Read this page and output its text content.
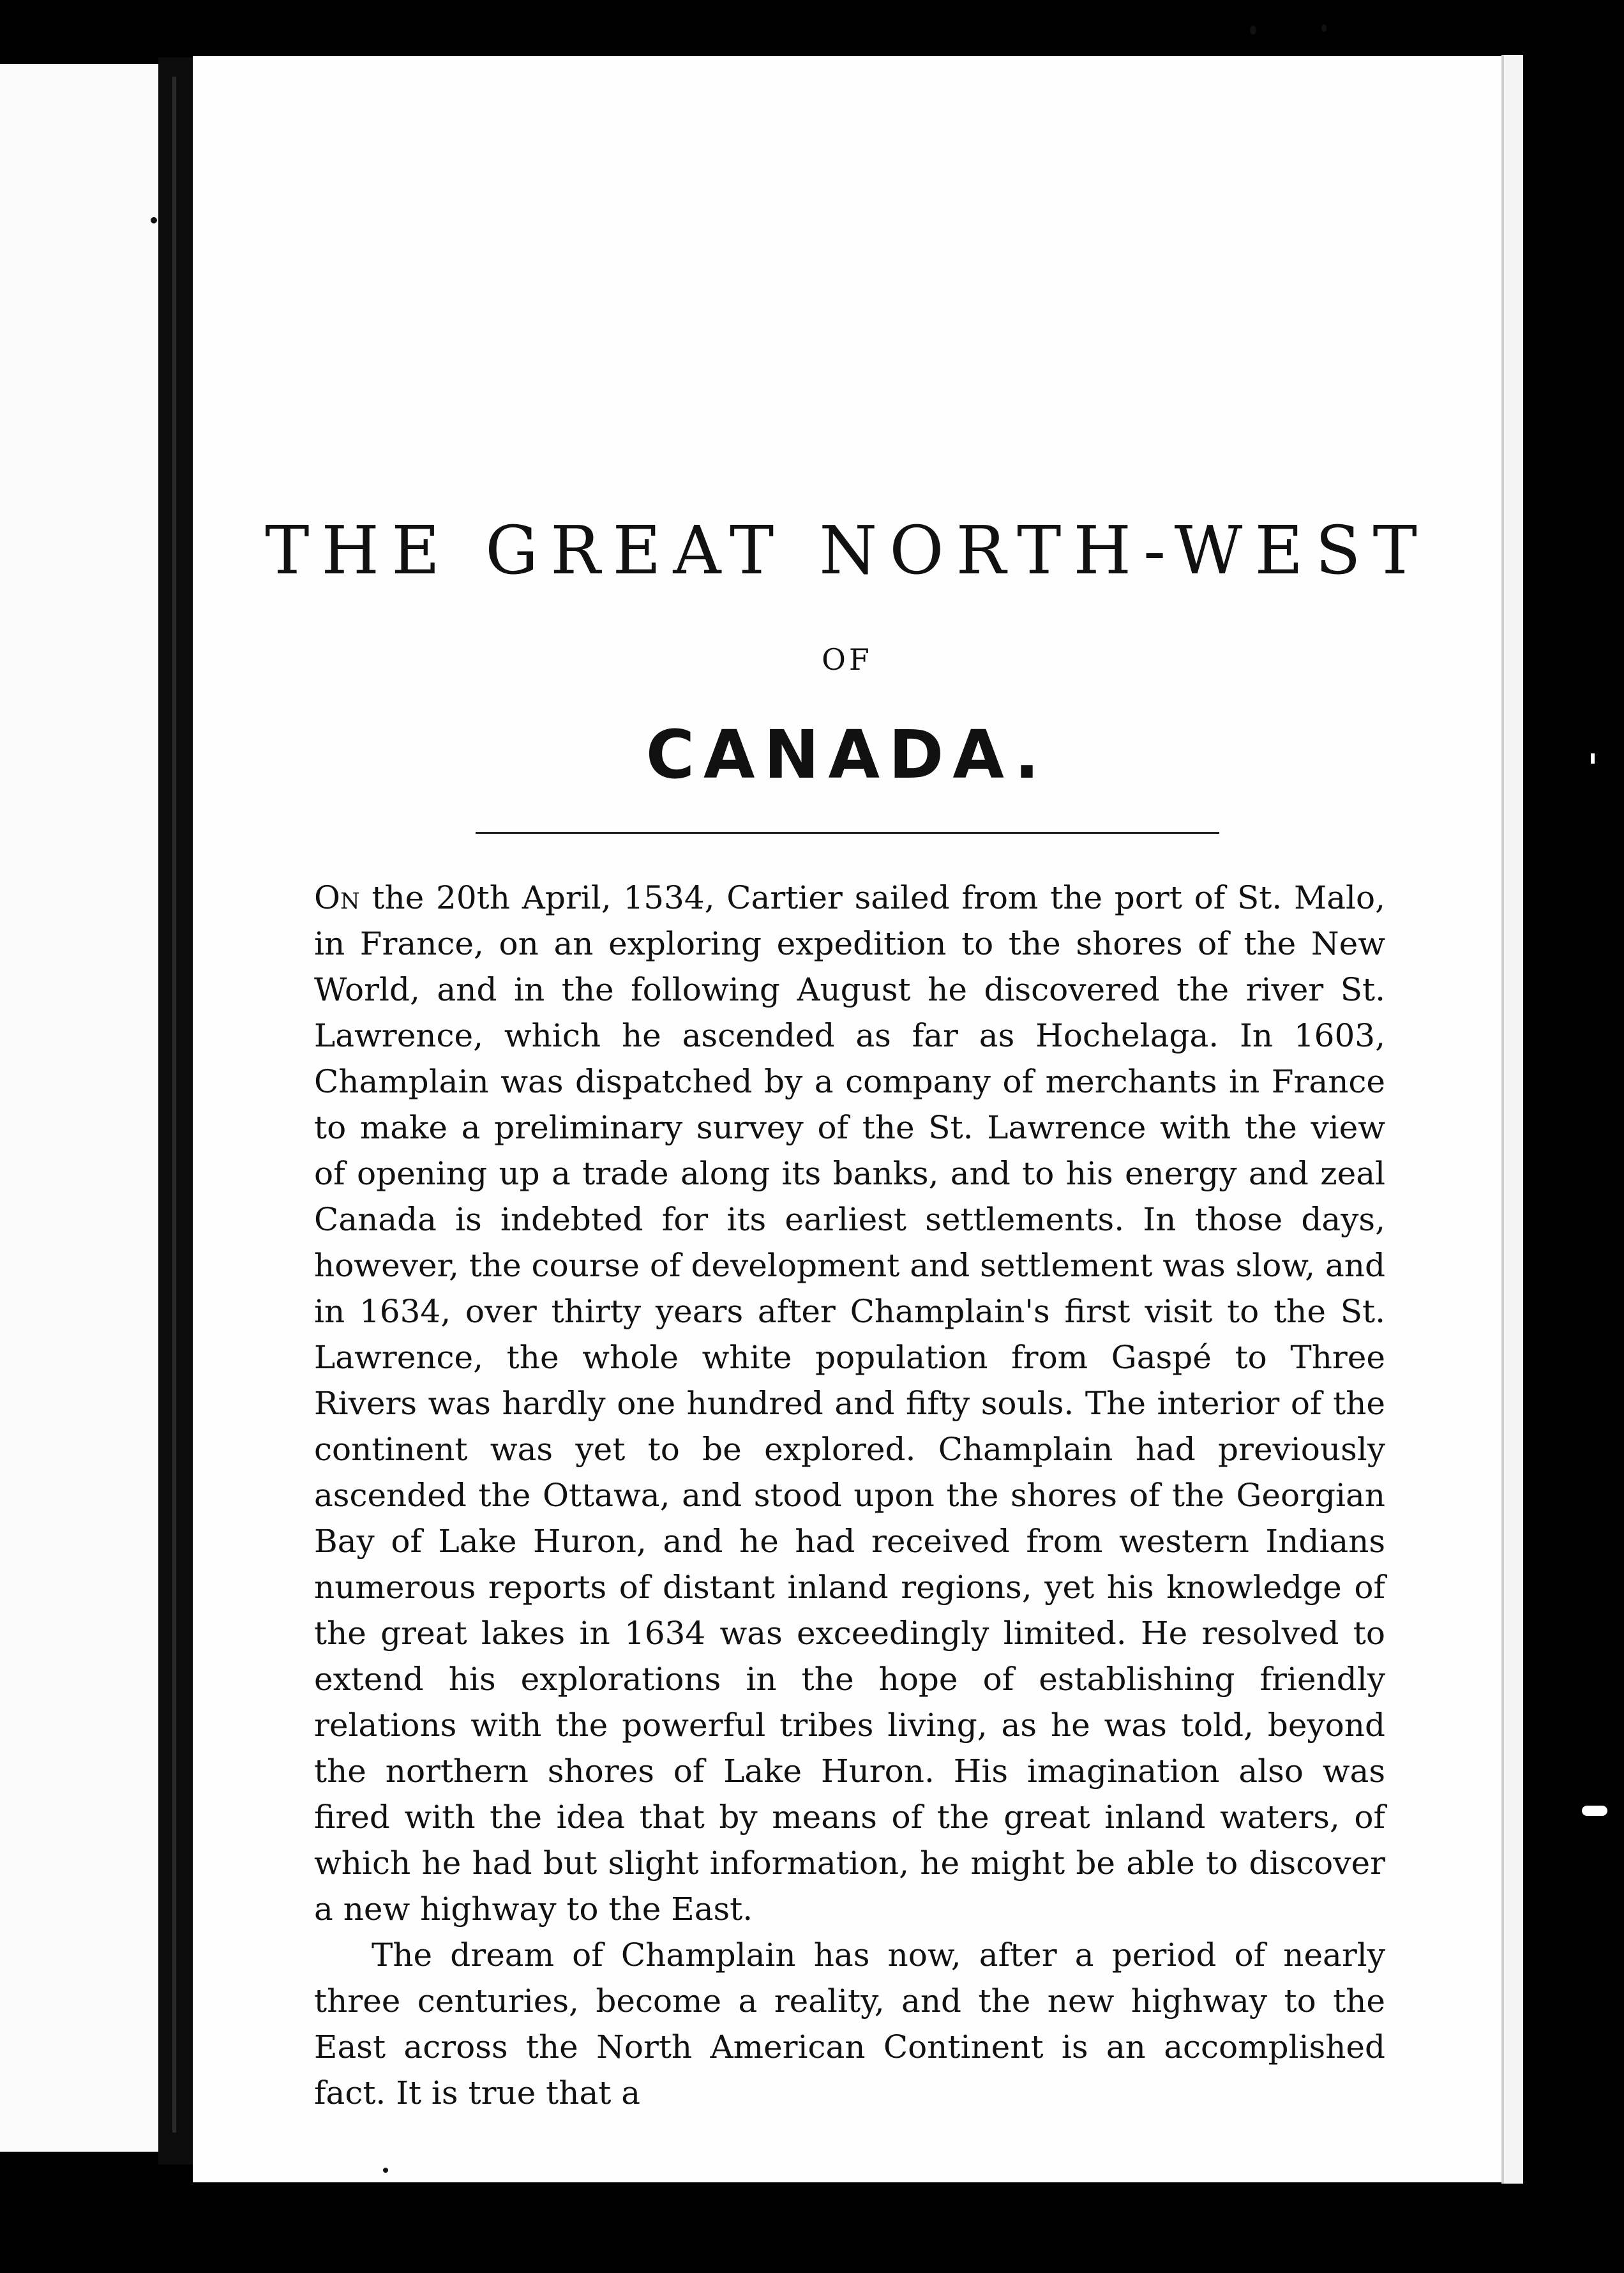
THE GREAT NORTH-WEST
OF
CANADA.

On the 20th April, 1534, Cartier sailed from the port of St. Malo, in France, on an exploring expedition to the shores of the New World, and in the following August he discovered the river St. Lawrence, which he ascended as far as Hochelaga. In 1603, Champlain was dispatched by a company of merchants in France to make a preliminary survey of the St. Lawrence with the view of opening up a trade along its banks, and to his energy and zeal Canada is indebted for its earliest settlements. In those days, however, the course of development and settlement was slow, and in 1634, over thirty years after Champlain's first visit to the St. Lawrence, the whole white population from Gaspé to Three Rivers was hardly one hundred and fifty souls. The interior of the continent was yet to be explored. Champlain had previously ascended the Ottawa, and stood upon the shores of the Georgian Bay of Lake Huron, and he had received from western Indians numerous reports of distant inland regions, yet his knowledge of the great lakes in 1634 was exceedingly limited. He resolved to extend his explorations in the hope of establishing friendly relations with the powerful tribes living, as he was told, beyond the northern shores of Lake Huron. His imagination also was fired with the idea that by means of the great inland waters, of which he had but slight information, he might be able to discover a new highway to the East.

The dream of Champlain has now, after a period of nearly three centuries, become a reality, and the new highway to the East across the North American Continent is an accomplished fact. It is true that a
